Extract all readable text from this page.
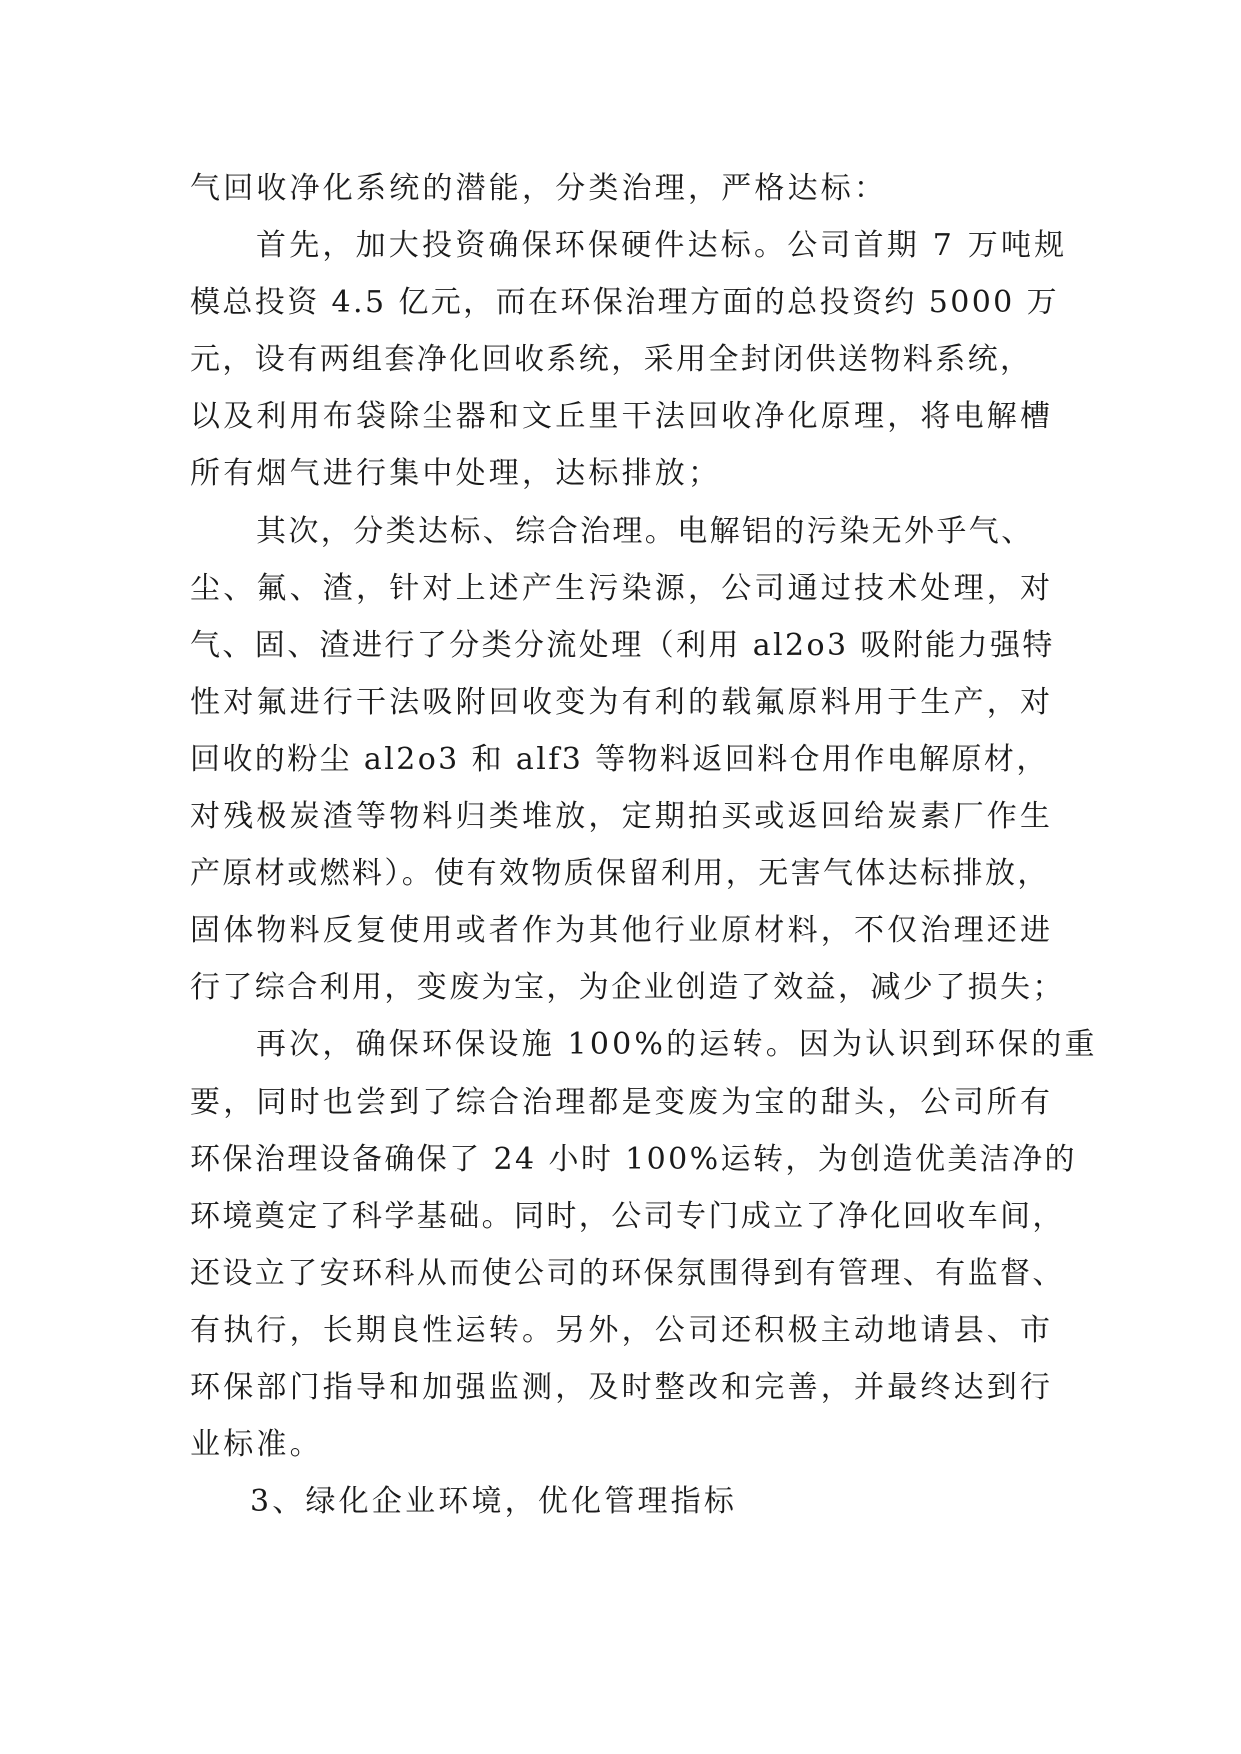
气回收净化系统的潜能，分类治理，严格达标：
首先，加大投资确保环保硬件达标。公司首期 7 万吨规
模总投资 4.5 亿元，而在环保治理方面的总投资约 5000 万
元，设有两组套净化回收系统，采用全封闭供送物料系统，
以及利用布袋除尘器和文丘里干法回收净化原理，将电解槽
所有烟气进行集中处理，达标排放；
其次，分类达标、综合治理。电解铝的污染无外乎气、
尘、氟、渣，针对上述产生污染源，公司通过技术处理，对
气、固、渣进行了分类分流处理（利用 al2o3 吸附能力强特
性对氟进行干法吸附回收变为有利的载氟原料用于生产，对
回收的粉尘 al2o3 和 alf3 等物料返回料仓用作电解原材，
对残极炭渣等物料归类堆放，定期拍买或返回给炭素厂作生
产原材或燃料）。使有效物质保留利用，无害气体达标排放，
固体物料反复使用或者作为其他行业原材料，不仅治理还进
行了综合利用，变废为宝，为企业创造了效益，减少了损失；
再次，确保环保设施 100%的运转。因为认识到环保的重
要，同时也尝到了综合治理都是变废为宝的甜头，公司所有
环保治理设备确保了 24 小时 100%运转，为创造优美洁净的
环境奠定了科学基础。同时，公司专门成立了净化回收车间，
还设立了安环科从而使公司的环保氛围得到有管理、有监督、
有执行，长期良性运转。另外，公司还积极主动地请县、市
环保部门指导和加强监测，及时整改和完善，并最终达到行
业标准。
3、绿化企业环境，优化管理指标
